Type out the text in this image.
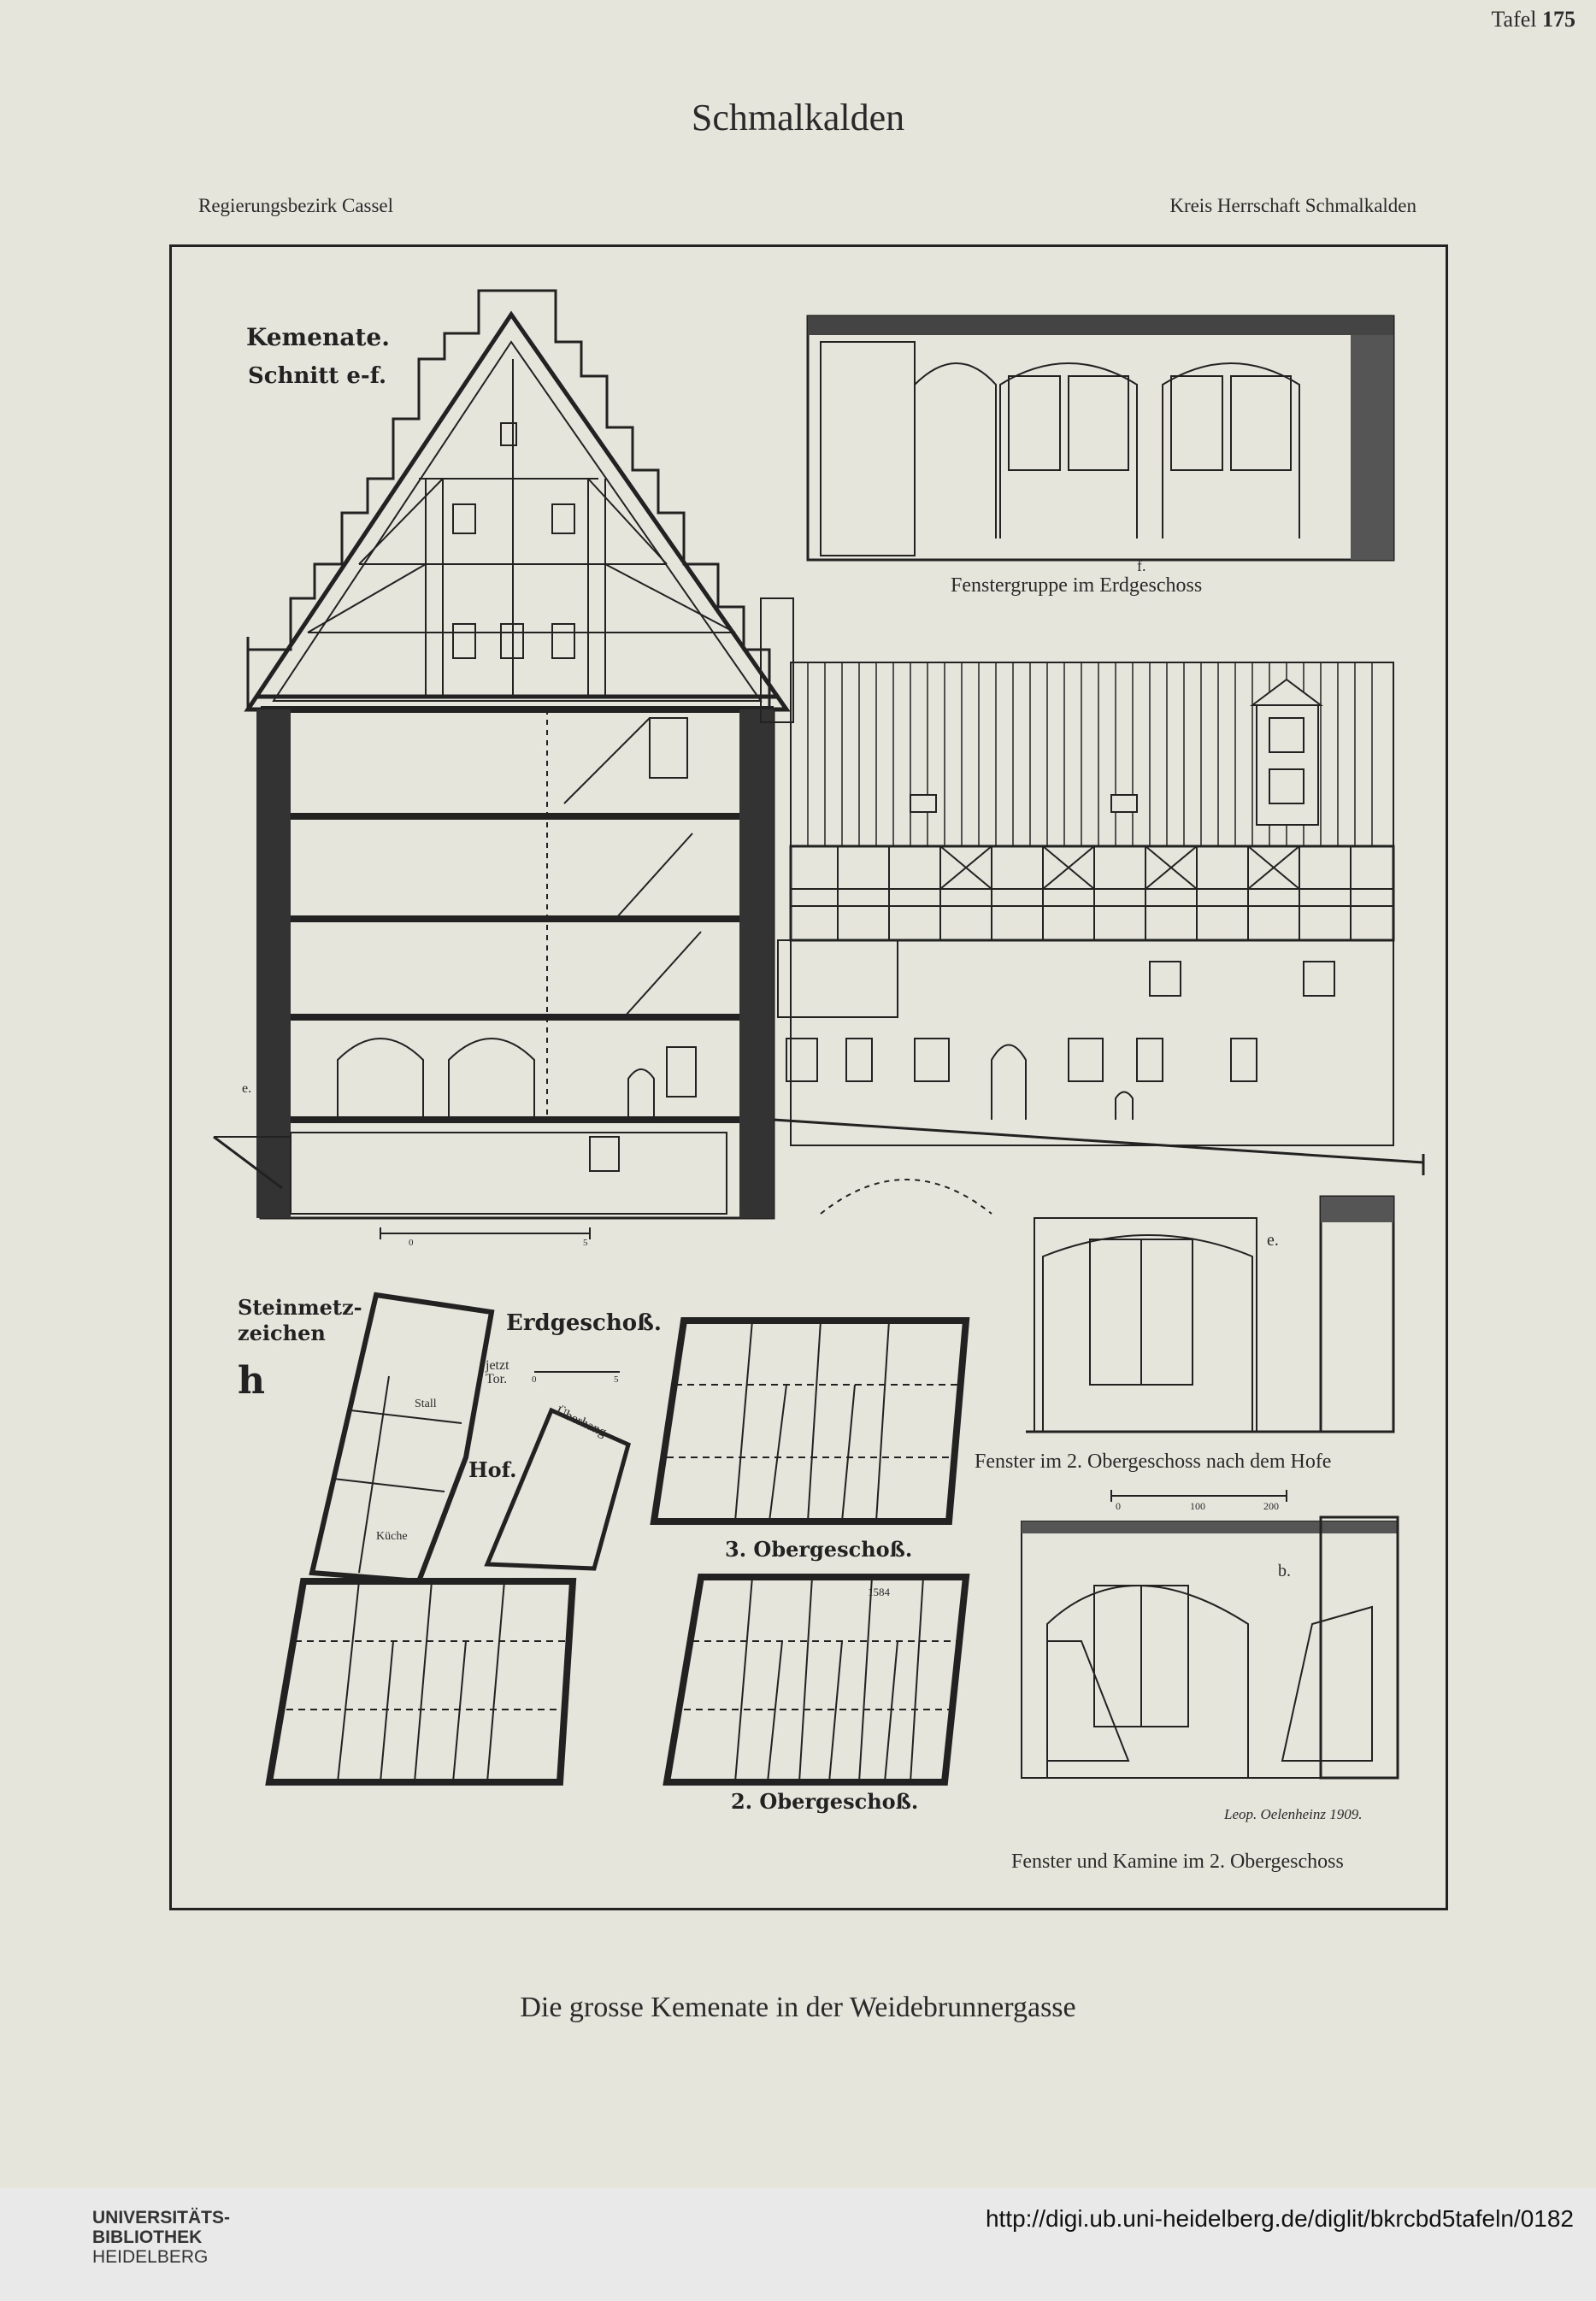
Tafel 175
Schmalkalden
Regierungsbezirk Cassel	Kreis Herrschaft Schmalkalden
Kemenate.
Schnitt e-f.
Fenstergruppe im Erdgeschoss
f.
Steinmetz-zeichen
h
Erdgeschoß.
jetzt Tor.
Stall
Küche
Hof.
Überhang
0	5
0	5
3. Obergeschoß.
2. Obergeschoß.
1584
Fenster im 2. Obergeschoss nach dem Hofe
e.
e.
b.
0	100	200
Leop. Oelenheinz 1909.
Fenster und Kamine im 2. Obergeschoss
Die grosse Kemenate in der Weidebrunnergasse
UNIVERSITÄTS-
BIBLIOTHEK
HEIDELBERG
http://digi.ub.uni-heidelberg.de/diglit/bkrcbd5tafeln/0182
